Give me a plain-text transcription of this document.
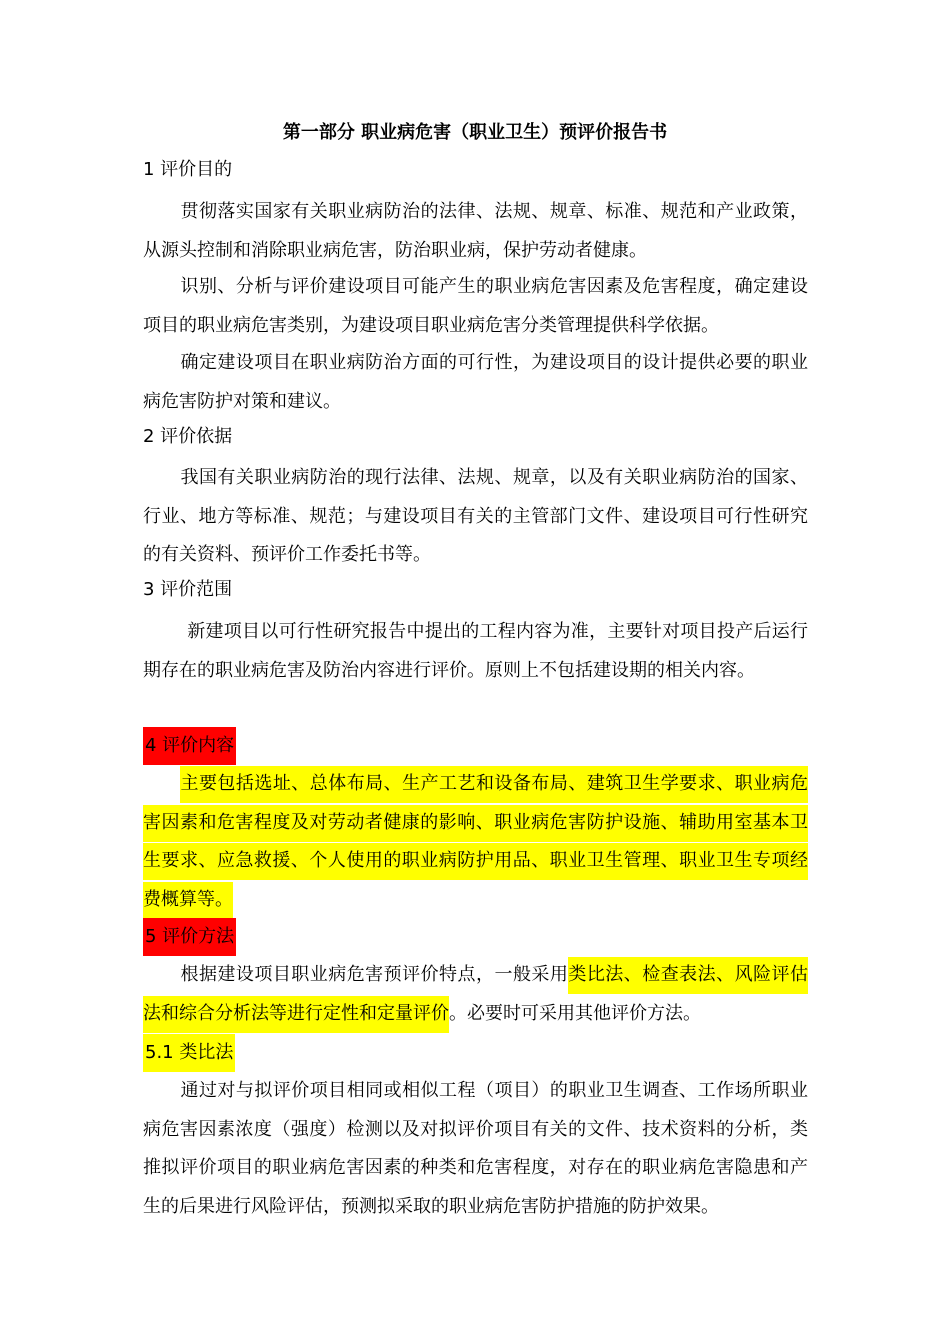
第一部分 职业病危害（职业卫生）预评价报告书
1 评价目的
贯彻落实国家有关职业病防治的法律、法规、规章、标准、规范和产业政策，从源头控制和消除职业病危害，防治职业病，保护劳动者健康。
识别、分析与评价建设项目可能产生的职业病危害因素及危害程度，确定建设项目的职业病危害类别，为建设项目职业病危害分类管理提供科学依据。
确定建设项目在职业病防治方面的可行性，为建设项目的设计提供必要的职业病危害防护对策和建议。
2 评价依据
我国有关职业病防治的现行法律、法规、规章，以及有关职业病防治的国家、行业、地方等标准、规范；与建设项目有关的主管部门文件、建设项目可行性研究的有关资料、预评价工作委托书等。
3 评价范围
新建项目以可行性研究报告中提出的工程内容为准，主要针对项目投产后运行期存在的职业病危害及防治内容进行评价。原则上不包括建设期的相关内容。
4 评价内容
主要包括选址、总体布局、生产工艺和设备布局、建筑卫生学要求、职业病危害因素和危害程度及对劳动者健康的影响、职业病危害防护设施、辅助用室基本卫生要求、应急救援、个人使用的职业病防护用品、职业卫生管理、职业卫生专项经费概算等。
5 评价方法
根据建设项目职业病危害预评价特点，一般采用类比法、检查表法、风险评估法和综合分析法等进行定性和定量评价。必要时可采用其他评价方法。
5.1 类比法
通过对与拟评价项目相同或相似工程（项目）的职业卫生调查、工作场所职业病危害因素浓度（强度）检测以及对拟评价项目有关的文件、技术资料的分析，类推拟评价项目的职业病危害因素的种类和危害程度，对存在的职业病危害隐患和产生的后果进行风险评估，预测拟采取的职业病危害防护措施的防护效果。
